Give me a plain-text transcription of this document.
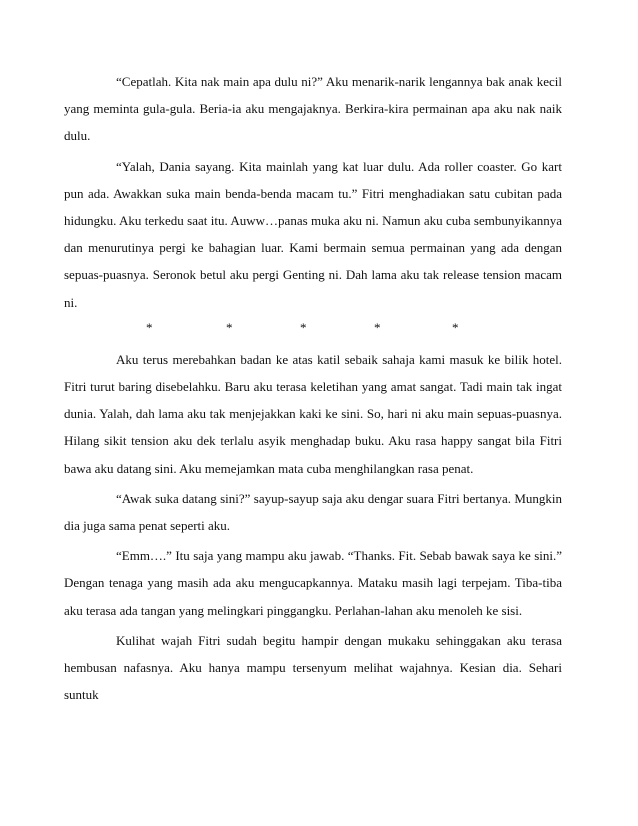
“Cepatlah. Kita nak main apa dulu ni?” Aku menarik-narik lengannya bak anak kecil yang meminta gula-gula. Beria-ia aku mengajaknya. Berkira-kira permainan apa aku nak naik dulu.

“Yalah, Dania sayang. Kita mainlah yang kat luar dulu. Ada roller coaster. Go kart pun ada. Awakkan suka main benda-benda macam tu.” Fitri menghadiakan satu cubitan pada hidungku. Aku terkedu saat itu. Auww…panas muka aku ni. Namun aku cuba sembunyikannya dan menurutinya pergi ke bahagian luar. Kami bermain semua permainan yang ada dengan sepuas-puasnya. Seronok betul aku pergi Genting ni. Dah lama aku tak release tension macam ni.

*	*	*	*	*

Aku terus merebahkan badan ke atas katil sebaik sahaja kami masuk ke bilik hotel. Fitri turut baring disebelahku. Baru aku terasa keletihan yang amat sangat. Tadi main tak ingat dunia. Yalah, dah lama aku tak menjejakkan kaki ke sini. So, hari ni aku main sepuas-puasnya. Hilang sikit tension aku dek terlalu asyik menghadap buku. Aku rasa happy sangat bila Fitri bawa aku datang sini. Aku memejamkan mata cuba menghilangkan rasa penat.

“Awak suka datang sini?” sayup-sayup saja aku dengar suara Fitri bertanya. Mungkin dia juga sama penat seperti aku.

“Emm….” Itu saja yang mampu aku jawab. “Thanks. Fit. Sebab bawak saya ke sini.” Dengan tenaga yang masih ada aku mengucapkannya. Mataku masih lagi terpejam. Tiba-tiba aku terasa ada tangan yang melingkari pinggangku. Perlahan-lahan aku menoleh ke sisi.

Kulihat wajah Fitri sudah begitu hampir dengan mukaku sehinggakan aku terasa hembusan nafasnya. Aku hanya mampu tersenyum melihat wajahnya. Kesian dia. Sehari suntuk
